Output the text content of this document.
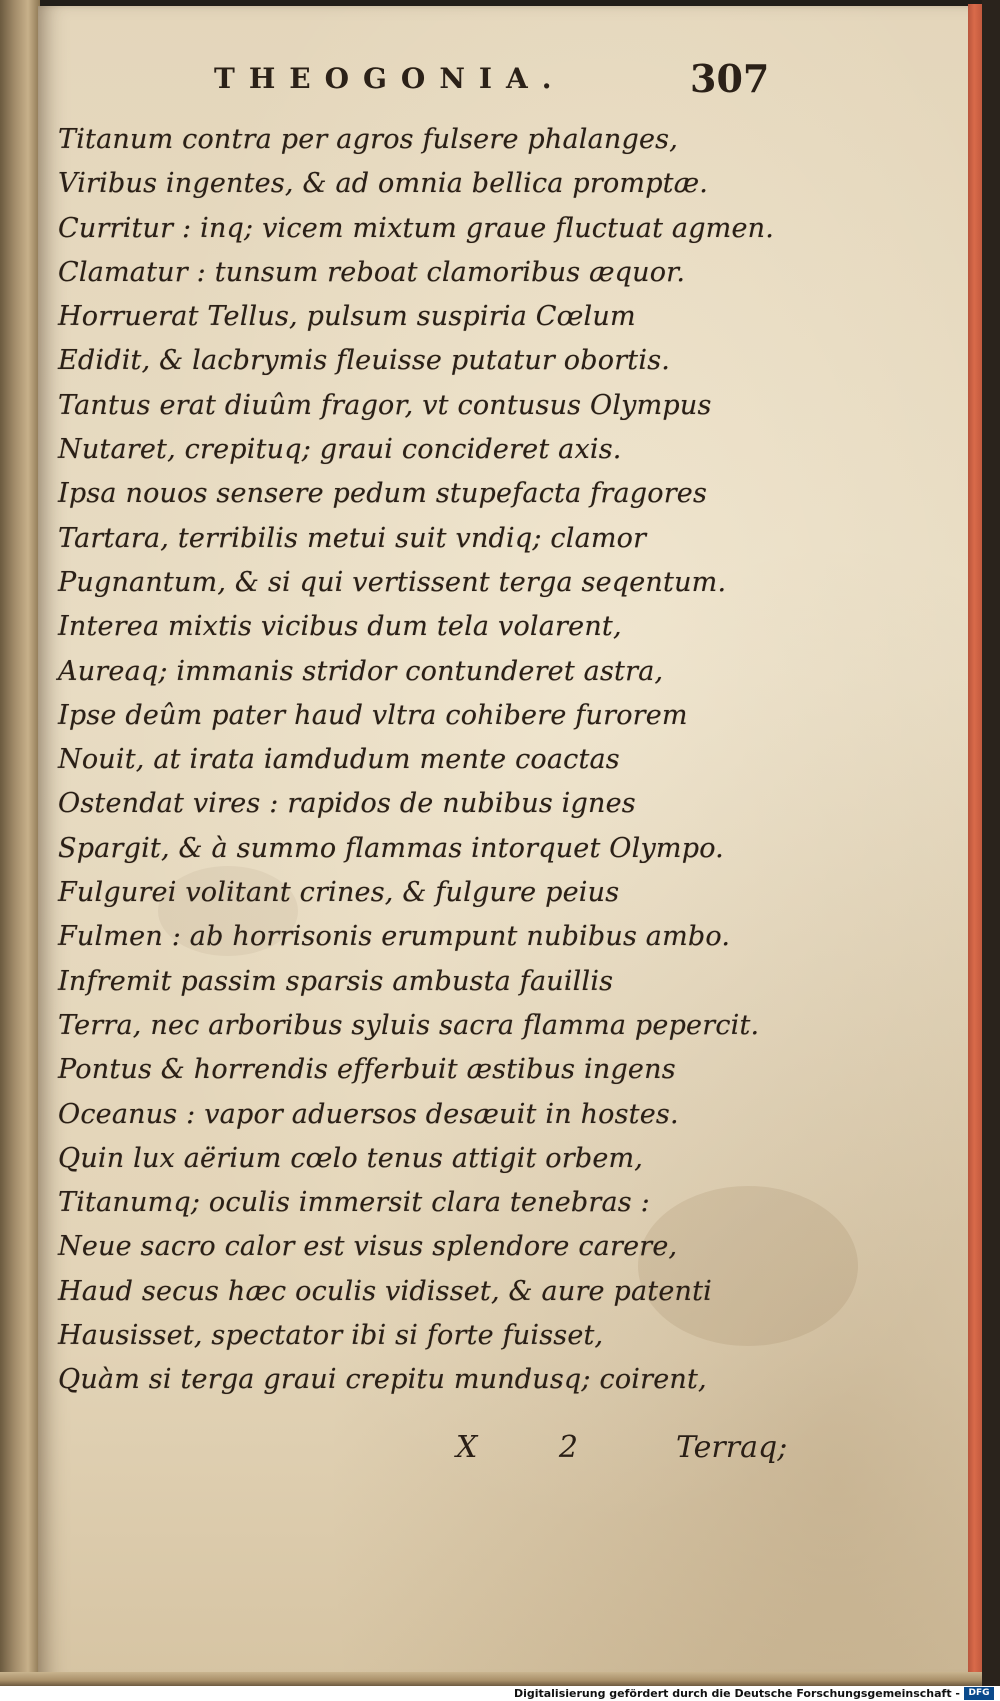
THEOGONIA.	307
Titanum contra per agros fulsere phalanges,
Viribus ingentes, & ad omnia bellica promptæ.
Curritur : inq; vicem mixtum graue fluctuat agmen.
Clamatur : tunsum reboat clamoribus æquor.
Horruerat Tellus, pulsum suspiria Cœlum
Edidit, & lacbrymis fleuisse putatur obortis.
Tantus erat diuûm fragor, vt contusus Olympus
Nutaret, crepituq; graui concideret axis.
Ipsa nouos sensere pedum stupefacta fragores
Tartara, terribilis metui suit vndiq; clamor
Pugnantum, & si qui vertissent terga seqentum.
Interea mixtis vicibus dum tela volarent,
Aureaq; immanis stridor contunderet astra,
Ipse deûm pater haud vltra cohibere furorem
Nouit, at irata iamdudum mente coactas
Ostendat vires : rapidos de nubibus ignes
Spargit, & à summo flammas intorquet Olympo.
Fulgurei volitant crines, & fulgure peius
Fulmen : ab horrisonis erumpunt nubibus ambo.
Infremit passim sparsis ambusta fauillis
Terra, nec arboribus syluis sacra flamma pepercit.
Pontus & horrendis efferbuit æstibus ingens
Oceanus : vapor aduersos desæuit in hostes.
Quin lux aërium cœlo tenus attigit orbem,
Titanumq; oculis immersit clara tenebras :
Neue sacro calor est visus splendore carere,
Haud secus hæc oculis vidisset, & aure patenti
Hausisset, spectator ibi si forte fuisset,
Quàm si terga graui crepitu mundusq; coirent,
X 2 Terraq;
Digitalisierung gefördert durch die Deutsche Forschungsgemeinschaft - DFG
